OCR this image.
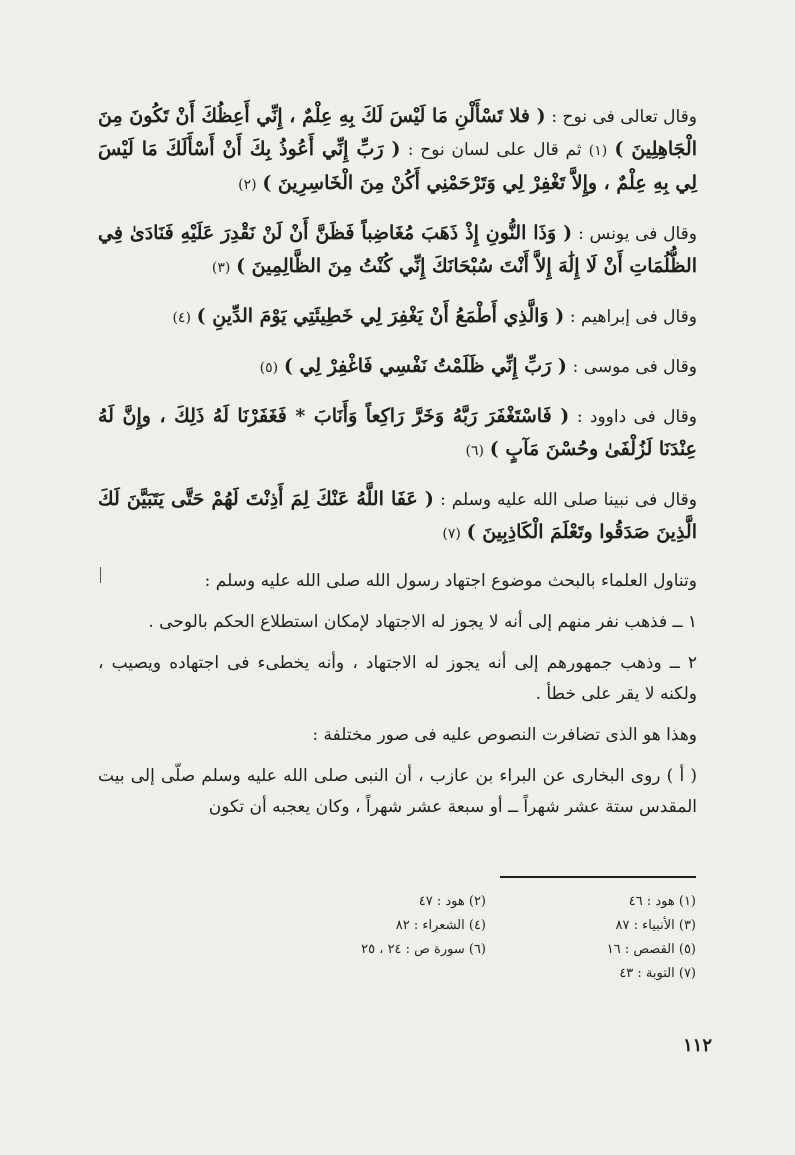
وقال تعالى فى نوح : ( فلا تَسْأَلْنِ مَا لَيْسَ لَكَ بِهِ عِلْمٌ ، إِنِّي أَعِظُكَ أَنْ تَكُونَ مِنَ الْجَاهِلِينَ ) (١) ثم قال على لسان نوح : ( رَبِّ إِنِّي أَعُوذُ بِكَ أَنْ أَسْأَلَكَ مَا لَيْسَ لِي بِهِ عِلْمٌ ، وإِلاَّ تَغْفِرْ لِي وَتَرْحَمْنِي أَكُنْ مِنَ الْخَاسِرِينَ ) (٢)

وقال فى يونس : ( وَذَا النُّونِ إِذْ ذَهَبَ مُغَاضِباً فَظَنَّ أَنْ لَنْ نَقْدِرَ عَلَيْهِ فَنَادَىٰ فِي الظُّلُمَاتِ أَنْ لَا إِلَٰهَ إِلاَّ أَنْتَ سُبْحَانَكَ إِنِّي كُنْتُ مِنَ الظَّالِمِينَ ) (٣)

وقال فى إبراهيم : ( وَالَّذِي أَطْمَعُ أَنْ يَغْفِرَ لِي خَطِيئَتِي يَوْمَ الدِّينِ ) (٤)

وقال فى موسى : ( رَبِّ إِنِّي ظَلَمْتُ نَفْسِي فَاغْفِرْ لِي ) (٥)

وقال فى داوود : ( فَاسْتَغْفَرَ رَبَّهُ وَخَرَّ رَاكِعاً وَأَنَابَ * فَغَفَرْنَا لَهُ ذَلِكَ ، وإِنَّ لَهُ عِنْدَنَا لَزُلْفَىٰ وحُسْنَ مَآبٍ ) (٦)

وقال فى نبينا صلى الله عليه وسلم : ( عَفَا اللَّهُ عَنْكَ لِمَ أَذِنْتَ لَهُمْ حَتَّى يَتَبَيَّنَ لَكَ الَّذِينَ صَدَقُوا وتَعْلَمَ الْكَاذِبِينَ ) (٧)

وتناول العلماء بالبحث موضوع اجتهاد رسول الله صلى الله عليه وسلم :

١ ــ فذهب نفر منهم إلى أنه لا يجوز له الاجتهاد لإمكان استطلاع الحكم بالوحى .

٢ ــ وذهب جمهورهم إلى أنه يجوز له الاجتهاد ، وأنه يخطىء فى اجتهاده ويصيب ، ولكنه لا يقر على خطأ .

وهذا هو الذى تضافرت النصوص عليه فى صور مختلفة :

( أ ) روى البخارى عن البراء بن عازب ، أن النبى صلى الله عليه وسلم صلّى إلى بيت المقدس ستة عشر شهراً ــ أو سبعة عشر شهراً ، وكان يعجبه أن تكون

(١) هود : ٤٦
(٢) هود : ٤٧
(٣) الأنبياء : ٨٧
(٤) الشعراء : ٨٢
(٥) القصص : ١٦
(٦) سورة ص : ٢٤ ، ٢٥
(٧) التوبة : ٤٣
١١٢
